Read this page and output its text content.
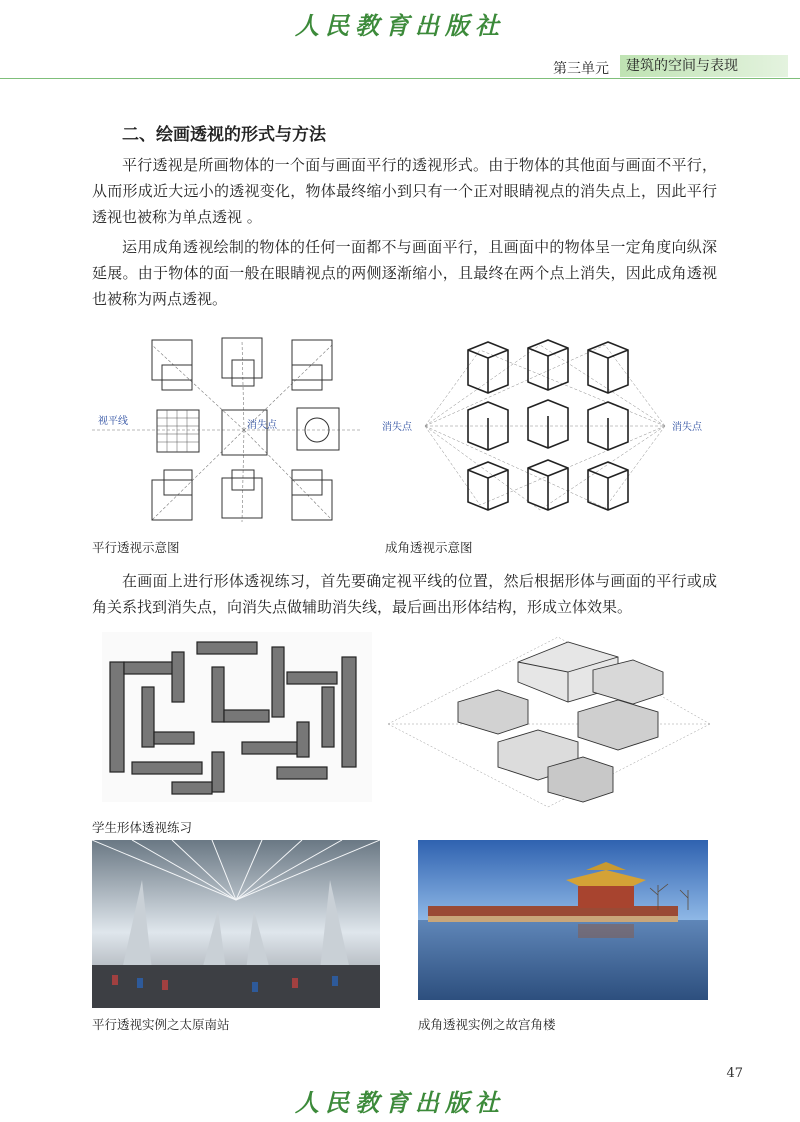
人民教育出版社
第三单元	建筑的空间与表现
二、绘画透视的形式与方法

平行透视是所画物体的一个面与画面平行的透视形式。由于物体的其他面与画面不平行，从而形成近大远小的透视变化，物体最终缩小到只有一个正对眼睛视点的消失点上，因此平行透视也被称为单点透视 。

运用成角透视绘制的物体的任何一面都不与画面平行，且画面中的物体呈一定角度向纵深延展。由于物体的面一般在眼睛视点的两侧逐渐缩小，且最终在两个点上消失，因此成角透视也被称为两点透视。

视平线	消失点
平行透视示意图
消失点	消失点
成角透视示意图

在画面上进行形体透视练习，首先要确定视平线的位置，然后根据形体与画面的平行或成角关系找到消失点，向消失点做辅助消失线，最后画出形体结构，形成立体效果。

学生形体透视练习
平行透视实例之太原南站	成角透视实例之故宫角楼
47
人民教育出版社
